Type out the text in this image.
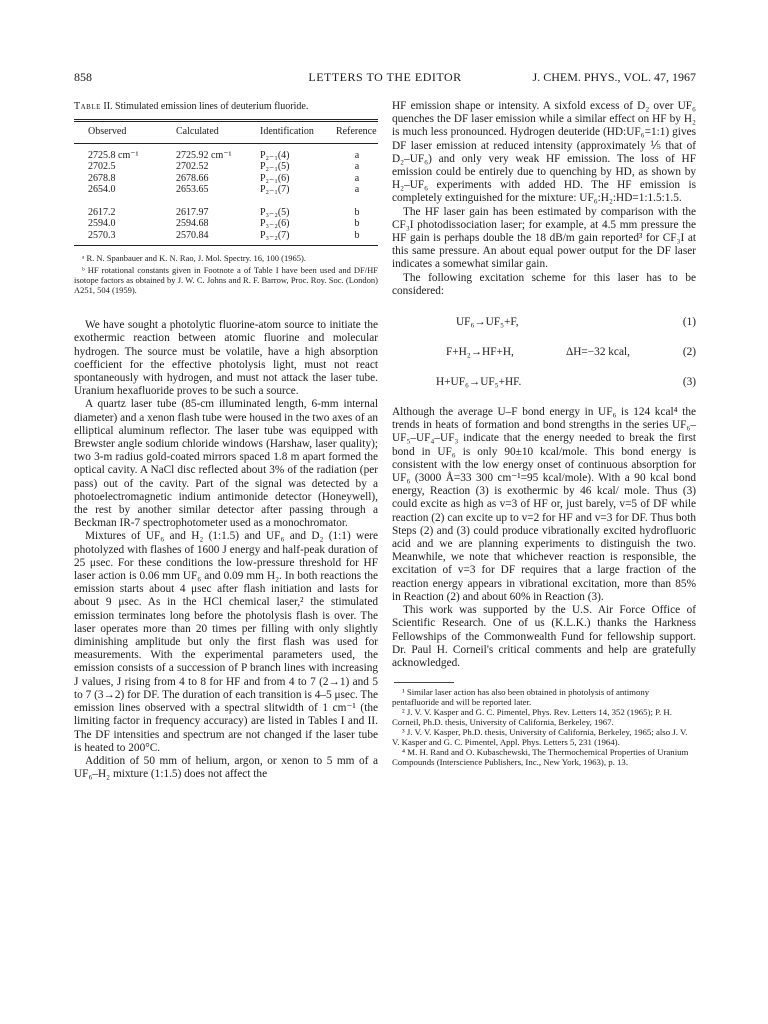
858	LETTERS TO THE EDITOR	J. CHEM. PHYS., VOL. 47, 1967
Table II. Stimulated emission lines of deuterium fluoride.
Observed	Calculated	Identification	Reference

2725.8 cm⁻¹	2725.92 cm⁻¹	P₂₋₁(4)	a
2702.5	2702.52	P₂₋₁(5)	a
2678.8	2678.66	P₂₋₁(6)	a
2654.0	2653.65	P₂₋₁(7)	a

2617.2	2617.97	P₃₋₂(5)	b
2594.0	2594.68	P₃₋₂(6)	b
2570.3	2570.84	P₃₋₂(7)	b

ᵃ R. N. Spanbauer and K. N. Rao, J. Mol. Spectry. 16, 100 (1965).

ᵇ HF rotational constants given in Footnote a of Table I have been used and DF/HF isotope factors as obtained by J. W. C. Johns and R. F. Barrow, Proc. Roy. Soc. (London) A251, 504 (1959).

We have sought a photolytic fluorine-atom source to initiate the exothermic reaction between atomic fluorine and molecular hydrogen. The source must be volatile, have a high absorption coefficient for the effective photolysis light, must not react spontaneously with hydrogen, and must not attack the laser tube. Uranium hexafluoride proves to be such a source.

A quartz laser tube (85-cm illuminated length, 6-mm internal diameter) and a xenon flash tube were housed in the two axes of an elliptical aluminum reflector. The laser tube was equipped with Brewster angle sodium chloride windows (Harshaw, laser quality); two 3-m radius gold-coated mirrors spaced 1.8 m apart formed the optical cavity. A NaCl disc reflected about 3% of the radiation (per pass) out of the cavity. Part of the signal was detected by a photoelectromagnetic indium antimonide detector (Honeywell), the rest by another similar detector after passing through a Beckman IR-7 spectrophotometer used as a monochromator.

Mixtures of UF₆ and H₂ (1:1.5) and UF₆ and D₂ (1:1) were photolyzed with flashes of 1600 J energy and half-peak duration of 25 μsec. For these conditions the low-pressure threshold for HF laser action is 0.06 mm UF₆ and 0.09 mm H₂. In both reactions the emission starts about 4 μsec after flash initiation and lasts for about 9 μsec. As in the HCl chemical laser,² the stimulated emission terminates long before the photolysis flash is over. The laser operates more than 20 times per filling with only slightly diminishing amplitude but only the first flash was used for measurements. With the experimental parameters used, the emission consists of a succession of P branch lines with increasing J values, J rising from 4 to 8 for HF and from 4 to 7 (2→1) and 5 to 7 (3→2) for DF. The duration of each transition is 4–5 μsec. The emission lines observed with a spectral slitwidth of 1 cm⁻¹ (the limiting factor in frequency accuracy) are listed in Tables I and II. The DF intensities and spectrum are not changed if the laser tube is heated to 200°C.

Addition of 50 mm of helium, argon, or xenon to 5 mm of a UF₆–H₂ mixture (1:1.5) does not affect the

HF emission shape or intensity. A sixfold excess of D₂ over UF₆ quenches the DF laser emission while a similar effect on HF by H₂ is much less pronounced. Hydrogen deuteride (HD:UF₆=1:1) gives DF laser emission at reduced intensity (approximately ⅕ that of D₂–UF₆) and only very weak HF emission. The loss of HF emission could be entirely due to quenching by HD, as shown by H₂–UF₆ experiments with added HD. The HF emission is completely extinguished for the mixture: UF₆:H₂:HD=1:1.5:1.5.

The HF laser gain has been estimated by comparison with the CF₃I photodissociation laser; for example, at 4.5 mm pressure the HF gain is perhaps double the 18 dB/m gain reported³ for CF₃I at this same pressure. An about equal power output for the DF laser indicates a somewhat similar gain.

The following excitation scheme for this laser has to be considered:

UF₆→UF₅+F,	(1)
F+H₂→HF+H,	ΔH=−32 kcal,	(2)
H+UF₆→UF₅+HF.	(3)

Although the average U–F bond energy in UF₆ is 124 kcal⁴ the trends in heats of formation and bond strengths in the series UF₆–UF₅–UF₄–UF₃ indicate that the energy needed to break the first bond in UF₆ is only 90±10 kcal/mole. This bond energy is consistent with the low energy onset of continuous absorption for UF₆ (3000 Å=33 300 cm⁻¹=95 kcal/mole). With a 90 kcal bond energy, Reaction (3) is exothermic by 46 kcal/ mole. Thus (3) could excite as high as v=3 of HF or, just barely, v=5 of DF while reaction (2) can excite up to v=2 for HF and v=3 for DF. Thus both Steps (2) and (3) could produce vibrationally excited hydrofluoric acid and we are planning experiments to distinguish the two. Meanwhile, we note that whichever reaction is responsible, the excitation of v=3 for DF requires that a large fraction of the reaction energy appears in vibrational excitation, more than 85% in Reaction (2) and about 60% in Reaction (3).

This work was supported by the U.S. Air Force Office of Scientific Research. One of us (K.L.K.) thanks the Harkness Fellowships of the Commonwealth Fund for fellowship support. Dr. Paul H. Corneil's critical comments and help are gratefully acknowledged.

¹ Similar laser action has also been obtained in photolysis of antimony pentafluoride and will be reported later.

² J. V. V. Kasper and G. C. Pimentel, Phys. Rev. Letters 14, 352 (1965); P. H. Corneil, Ph.D. thesis, University of California, Berkeley, 1967.

³ J. V. V. Kasper, Ph.D. thesis, University of California, Berkeley, 1965; also J. V. V. Kasper and G. C. Pimentel, Appl. Phys. Letters 5, 231 (1964).

⁴ M. H. Rand and O. Kubaschewski, The Thermochemical Properties of Uranium Compounds (Interscience Publishers, Inc., New York, 1963), p. 13.
